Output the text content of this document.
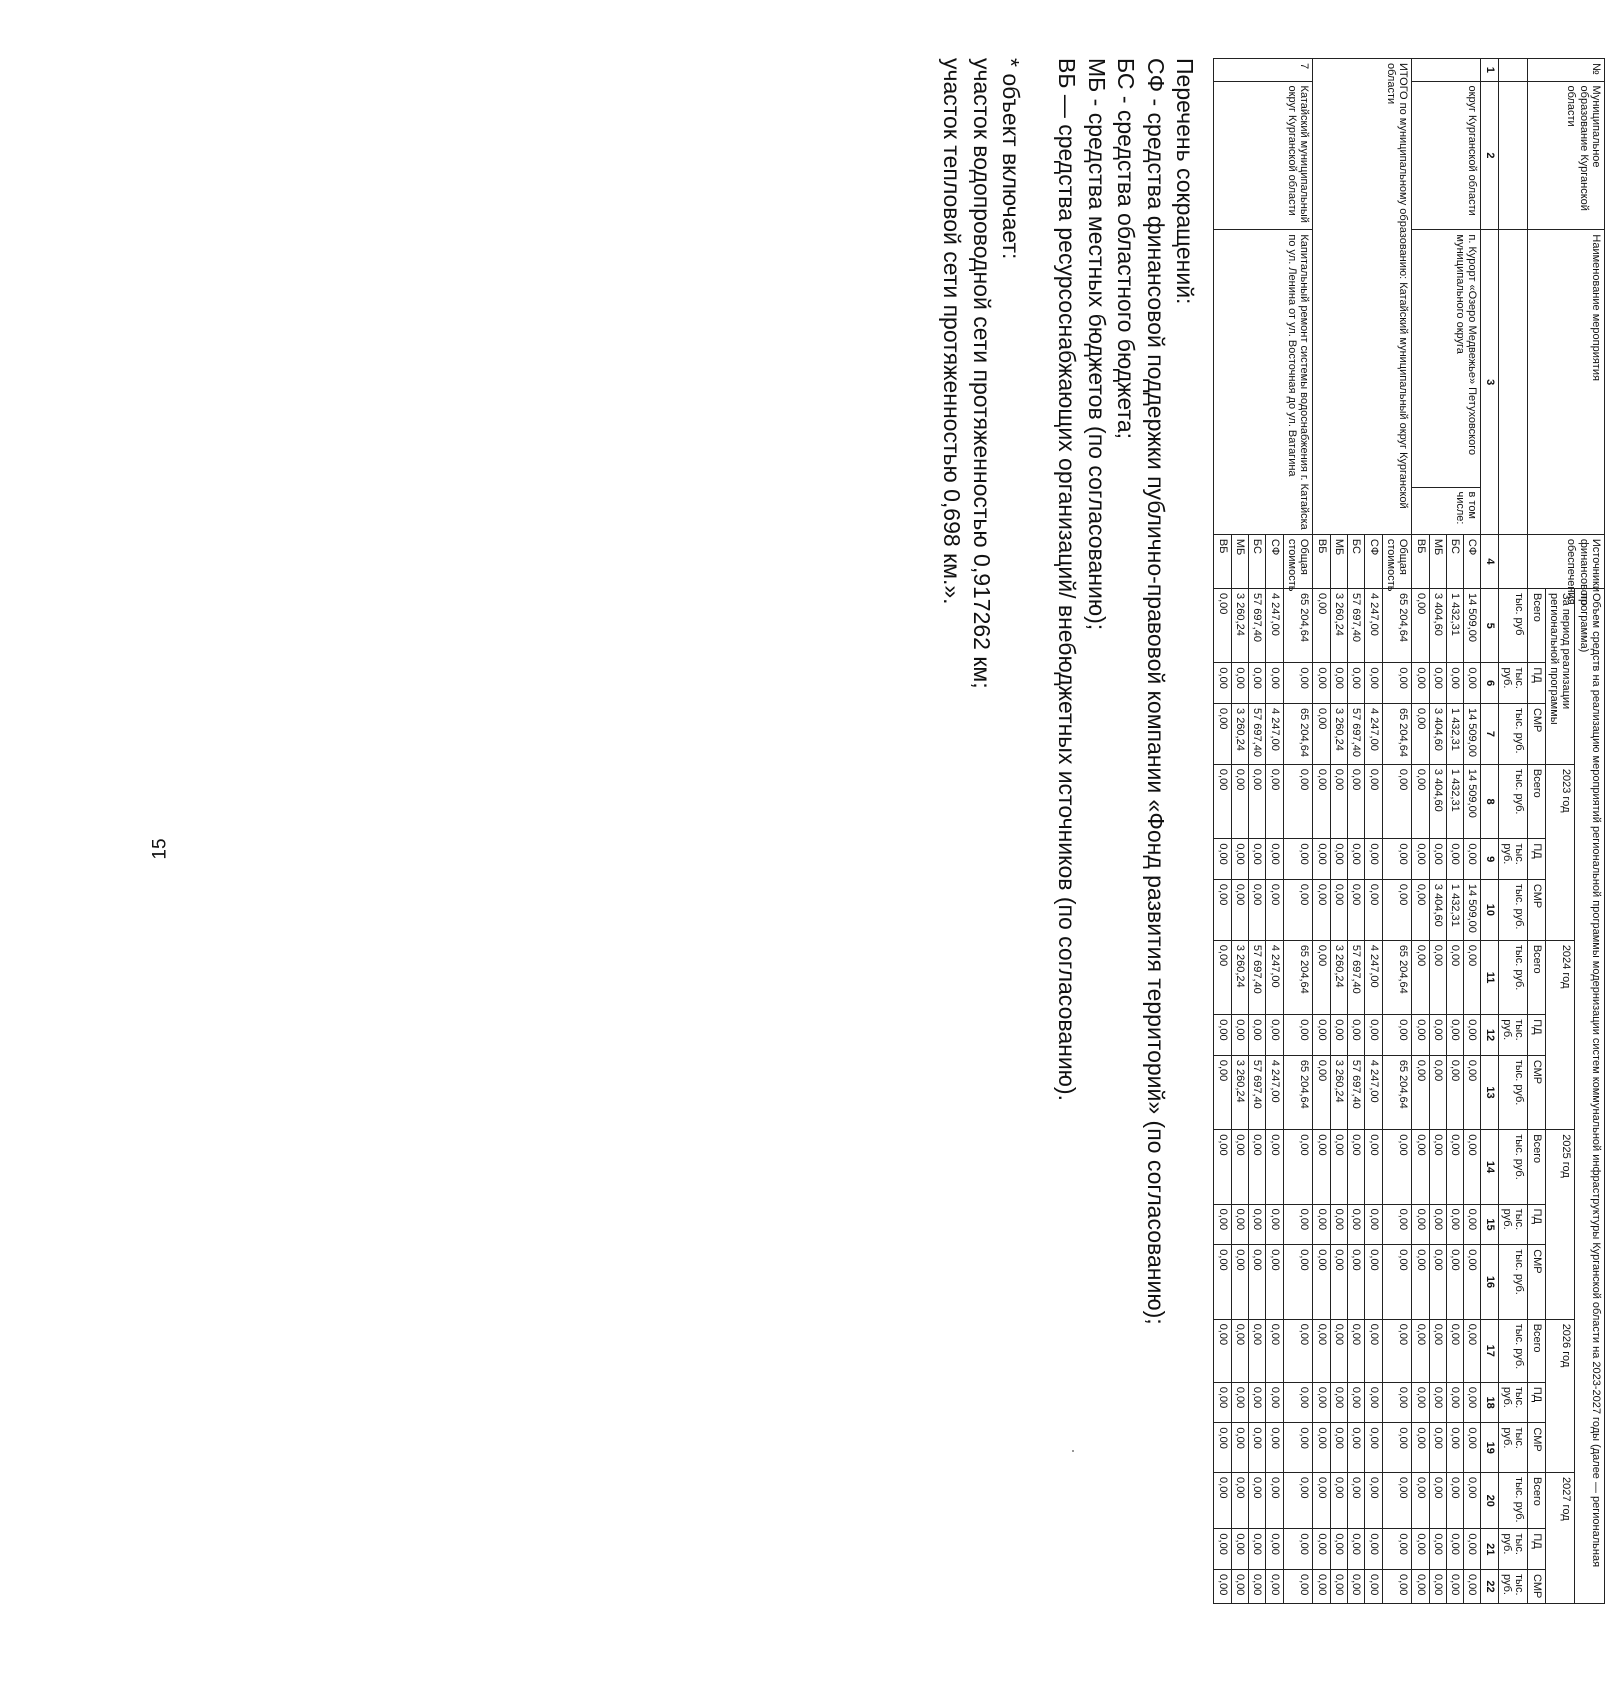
15
№	Муниципальное образование Курганской области	Наименование мероприятия		Источники финансового обеспечения	Объем средств на реализацию мероприятий региональной программы модернизации систем коммунальной инфраструктуры Курганской области на 2023-2027 годы (далее — региональная программа)																	
					За период реализации региональной программы			2023 год			2024 год			2025 год			2026 год			2027 год		
					Всего	ПД	СМР	Всего	ПД	СМР	Всего	ПД	СМР	Всего	ПД	СМР	Всего	ПД	СМР	Всего	ПД	СМР
					тыс. руб	тыс. руб.	тыс. руб.	тыс. руб.	тыс. руб.	тыс. руб.	тыс. руб.	тыс. руб.	тыс. руб.	тыс. руб.	тыс. руб.	тыс. руб.	тыс. руб.	тыс. руб.	тыс. руб.	тыс. руб.	тыс. руб.	тыс. руб.
1	2	3		4	5	6	7	8	9	10	11	12	13	14	15	16	17	18	19	20	21	22
	округ Курганской области	п. Курорт «Озеро Медвежье» Петуховского муниципального округа	в том числе:	СФ	14 509,00	0,00	14 509,00	14 509,00	0,00	14 509,00	0,00	0,00	0,00	0,00	0,00	0,00	0,00	0,00	0,00	0,00	0,00	0,00
				БС	1 432,31	0,00	1 432,31	1 432,31	0,00	1 432,31	0,00	0,00	0,00	0,00	0,00	0,00	0,00	0,00	0,00	0,00	0,00	0,00
				МБ	3 404,60	0,00	3 404,60	3 404,60	0,00	3 404,60	0,00	0,00	0,00	0,00	0,00	0,00	0,00	0,00	0,00	0,00	0,00	0,00
				ВБ	0,00	0,00	0,00	0,00	0,00	0,00	0,00	0,00	0,00	0,00	0,00	0,00	0,00	0,00	0,00	0,00	0,00	0,00
ИТОГО по муниципальному образованию: Катайский муниципальный округ Курганской области				Общая стоимость	65 204,64	0,00	65 204,64	0,00	0,00	0,00	65 204,64	0,00	65 204,64	0,00	0,00	0,00	0,00	0,00	0,00	0,00	0,00	0,00
				СФ	4 247,00	0,00	4 247,00	0,00	0,00	0,00	4 247,00	0,00	4 247,00	0,00	0,00	0,00	0,00	0,00	0,00	0,00	0,00	0,00
				БС	57 697,40	0,00	57 697,40	0,00	0,00	0,00	57 697,40	0,00	57 697,40	0,00	0,00	0,00	0,00	0,00	0,00	0,00	0,00	0,00
				МБ	3 260,24	0,00	3 260,24	0,00	0,00	0,00	3 260,24	0,00	3 260,24	0,00	0,00	0,00	0,00	0,00	0,00	0,00	0,00	0,00
				ВБ	0,00	0,00	0,00	0,00	0,00	0,00	0,00	0,00	0,00	0,00	0,00	0,00	0,00	0,00	0,00	0,00	0,00	0,00
7	Катайский муниципальный округ Курганской области	Капитальный ремонт системы водоснабжения г. Катайска по ул. Ленина от ул. Восточная до ул. Ватагина		Общая стоимость	65 204,64	0,00	65 204,64	0,00	0,00	0,00	65 204,64	0,00	65 204,64	0,00	0,00	0,00	0,00	0,00	0,00	0,00	0,00	0,00
				СФ	4 247,00	0,00	4 247,00	0,00	0,00	0,00	4 247,00	0,00	4 247,00	0,00	0,00	0,00	0,00	0,00	0,00	0,00	0,00	0,00
				БС	57 697,40	0,00	57 697,40	0,00	0,00	0,00	57 697,40	0,00	57 697,40	0,00	0,00	0,00	0,00	0,00	0,00	0,00	0,00	0,00
				МБ	3 260,24	0,00	3 260,24	0,00	0,00	0,00	3 260,24	0,00	3 260,24	0,00	0,00	0,00	0,00	0,00	0,00	0,00	0,00	0,00
				ВБ	0,00	0,00	0,00	0,00	0,00	0,00	0,00	0,00	0,00	0,00	0,00	0,00	0,00	0,00	0,00	0,00	0,00	0,00
Перечень сокращений:
СФ - средства финансовой поддержки публично-правовой компании «Фонд развития территорий» (по согласованию);
БС - средства областного бюджета;
МБ - средства местных бюджетов (по согласованию);
ВБ — средства ресурсоснабжающих организаций/ внебюджетных источников (по согласованию).
* объект включает:
участок водопроводной сети протяженностью 0,917262 км;
участок тепловой сети протяженностью 0,698 км.».
